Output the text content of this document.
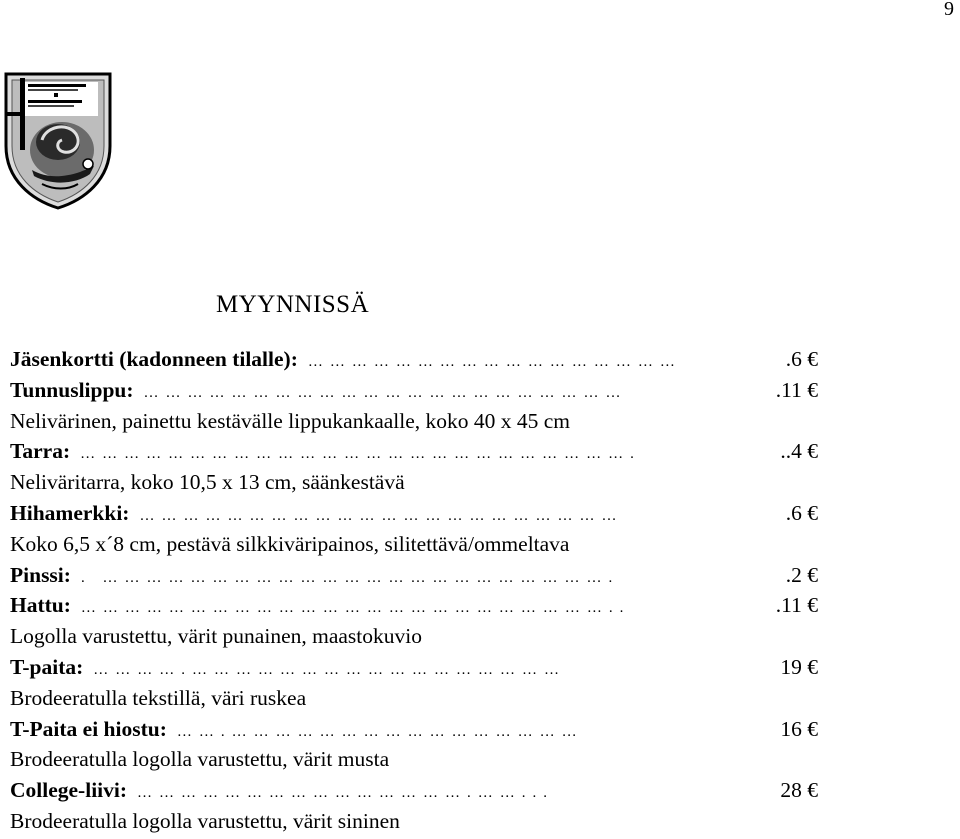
9
MYYNNISSÄ
Jäsenkortti (kadonneen tilalle): ……………………………………………	.6 €
Tunnuslippu: …………………………………………………………	.11 €
Nelivärinen, painettu kestävälle lippukankaalle, koko 40 x 45 cm
Tarra: ………………………………………………………………….	..4 €
Neliväritarra, koko 10,5 x 13 cm, säänkestävä
Hihamerkki: …………………………………………………………	.6 €
Koko 6,5 x´8 cm, pestävä silkkiväripainos, silitettävä/ommeltava
Pinssi: . …………………………………………………………….	.2 €
Hattu: ………………………………………………………………..	.11 €
Logolla varustettu, värit punainen, maastokuvio
T-paita: ………….……………………………………………	19 €
Brodeeratulla tekstillä, väri ruskea
T-Paita ei hiostu: …….…………………………………………	16 €
Brodeeratulla logolla varustettu, värit musta
College-liivi: ……………………………………….……...	28 €
Brodeeratulla logolla varustettu, värit sininen
